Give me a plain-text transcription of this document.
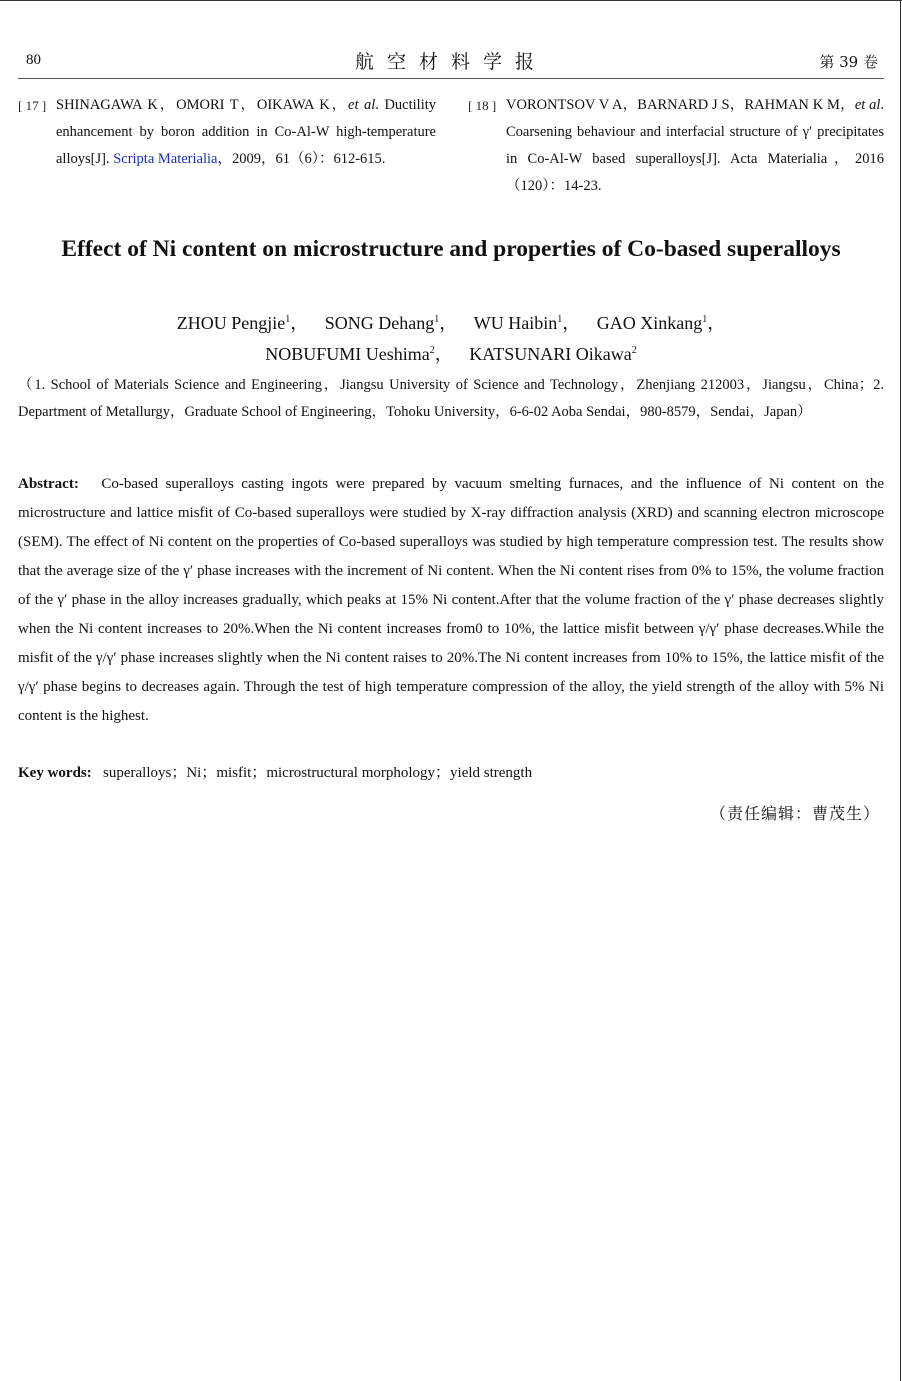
80	航空材料学报	第 39 卷
[ 17 ] SHINAGAWA K，OMORI T，OIKAWA K，et al. Ductility enhancement by boron addition in Co-Al-W high-temperature alloys[J]. Scripta Materialia，2009，61（6）：612-615.
[ 18 ] VORONTSOV V A，BARNARD J S，RAHMAN K M，et al. Coarsening behaviour and interfacial structure of γ′ precipitates in Co-Al-W based superalloys[J]. Acta Materialia，2016（120）：14-23.
Effect of Ni content on microstructure and properties of Co-based superalloys
ZHOU Pengjie$^1$， SONG Dehang$^1$， WU Haibin$^1$， GAO Xinkang$^1$，
NOBUFUMI Ueshima$^2$， KATSUNARI Oikawa$^2$
（1. School of Materials Science and Engineering，Jiangsu University of Science and Technology，Zhenjiang 212003，Jiangsu，China；2. Department of Metallurgy，Graduate School of Engineering，Tohoku University，6-6-02 Aoba Sendai，980-8579，Sendai，Japan）
Abstract: Co-based superalloys casting ingots were prepared by vacuum smelting furnaces, and the influence of Ni content on the microstructure and lattice misfit of Co-based superalloys were studied by X-ray diffraction analysis (XRD) and scanning electron microscope (SEM). The effect of Ni content on the properties of Co-based superalloys was studied by high temperature compression test. The results show that the average size of the γ′ phase increases with the increment of Ni content. When the Ni content rises from 0% to 15%, the volume fraction of the γ′ phase in the alloy increases gradually, which peaks at 15% Ni content.After that the volume fraction of the γ′ phase decreases slightly when the Ni content increases to 20%.When the Ni content increases from0 to 10%, the lattice misfit between γ/γ′ phase decreases.While the misfit of the γ/γ′ phase increases slightly when the Ni content raises to 20%.The Ni content increases from 10% to 15%, the lattice misfit of the γ/γ′ phase begins to decreases again. Through the test of high temperature compression of the alloy, the yield strength of the alloy with 5% Ni content is the highest.
Key words: superalloys；Ni；misfit；microstructural morphology；yield strength
（责任编辑：曹茂生）
